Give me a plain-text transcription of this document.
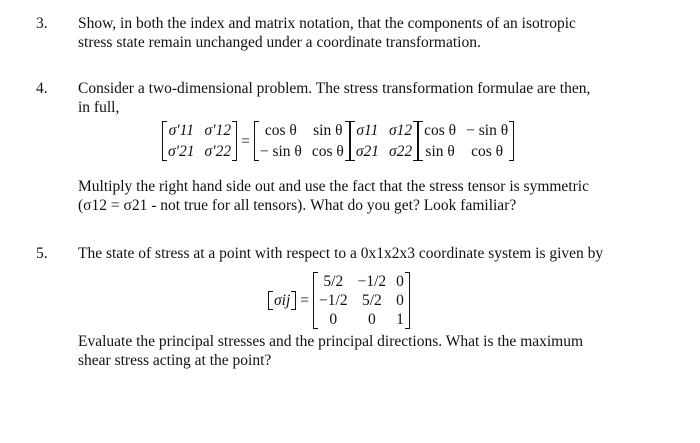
3. Show, in both the index and matrix notation, that the components of an isotropic
stress state remain unchanged under a coordinate transformation.
4. Consider a two-dimensional problem. The stress transformation formulae are then,
in full,
σ′11 σ′12
σ′21 σ′22
=
cos θ sin θ
− sin θ cos θ
σ11 σ12
σ21 σ22
cos θ − sin θ
sin θ cos θ
Multiply the right hand side out and use the fact that the stress tensor is symmetric
(σ12 = σ21 - not true for all tensors). What do you get? Look familiar?
5. The state of stress at a point with respect to a 0x1x2x3 coordinate system is given by
σij =
5/2 −1/2 0
−1/2 5/2 0
0 0 1
Evaluate the principal stresses and the principal directions. What is the maximum
shear stress acting at the point?
